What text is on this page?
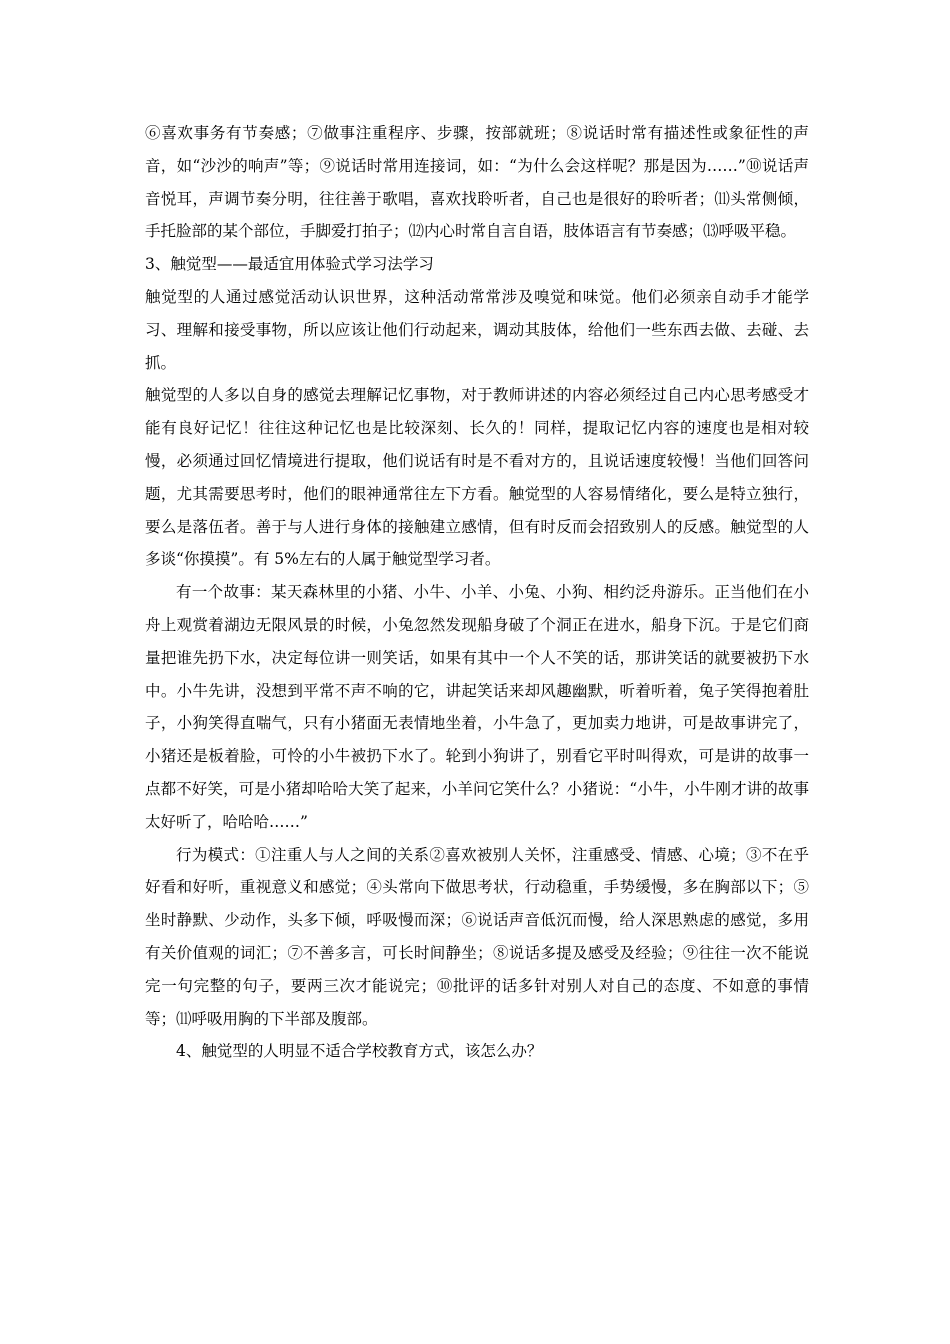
⑥喜欢事务有节奏感；⑦做事注重程序、步骤，按部就班；⑧说话时常有描述性或象征性的声音，如“沙沙的响声”等；⑨说话时常用连接词，如：“为什么会这样呢？那是因为……”⑩说话声音悦耳，声调节奏分明，往往善于歌唱，喜欢找聆听者，自己也是很好的聆听者；⑾头常侧倾，手托脸部的某个部位，手脚爱打拍子；⑿内心时常自言自语，肢体语言有节奏感；⒀呼吸平稳。

3、触觉型——最适宜用体验式学习法学习

触觉型的人通过感觉活动认识世界，这种活动常常涉及嗅觉和味觉。他们必须亲自动手才能学习、理解和接受事物，所以应该让他们行动起来，调动其肢体，给他们一些东西去做、去碰、去抓。

触觉型的人多以自身的感觉去理解记忆事物，对于教师讲述的内容必须经过自己内心思考感受才能有良好记忆！往往这种记忆也是比较深刻、长久的！同样，提取记忆内容的速度也是相对较慢，必须通过回忆情境进行提取，他们说话有时是不看对方的，且说话速度较慢！当他们回答问题，尤其需要思考时，他们的眼神通常往左下方看。触觉型的人容易情绪化，要么是特立独行，要么是落伍者。善于与人进行身体的接触建立感情，但有时反而会招致别人的反感。触觉型的人多谈“你摸摸”。有 5%左右的人属于触觉型学习者。

有一个故事：某天森林里的小猪、小牛、小羊、小兔、小狗、相约泛舟游乐。正当他们在小舟上观赏着湖边无限风景的时候，小兔忽然发现船身破了个洞正在进水，船身下沉。于是它们商量把谁先扔下水，决定每位讲一则笑话，如果有其中一个人不笑的话，那讲笑话的就要被扔下水中。小牛先讲，没想到平常不声不响的它，讲起笑话来却风趣幽默，听着听着，兔子笑得抱着肚子，小狗笑得直喘气，只有小猪面无表情地坐着，小牛急了，更加卖力地讲，可是故事讲完了，小猪还是板着脸，可怜的小牛被扔下水了。轮到小狗讲了，别看它平时叫得欢，可是讲的故事一点都不好笑，可是小猪却哈哈大笑了起来，小羊问它笑什么？小猪说：“小牛，小牛刚才讲的故事太好听了，哈哈哈……”

行为模式：①注重人与人之间的关系②喜欢被别人关怀，注重感受、情感、心境；③不在乎好看和好听，重视意义和感觉；④头常向下做思考状，行动稳重，手势缓慢，多在胸部以下；⑤坐时静默、少动作，头多下倾，呼吸慢而深；⑥说话声音低沉而慢，给人深思熟虑的感觉，多用有关价值观的词汇；⑦不善多言，可长时间静坐；⑧说话多提及感受及经验；⑨往往一次不能说完一句完整的句子，要两三次才能说完；⑩批评的话多针对别人对自己的态度、不如意的事情等；⑾呼吸用胸的下半部及腹部。

4、触觉型的人明显不适合学校教育方式，该怎么办？
